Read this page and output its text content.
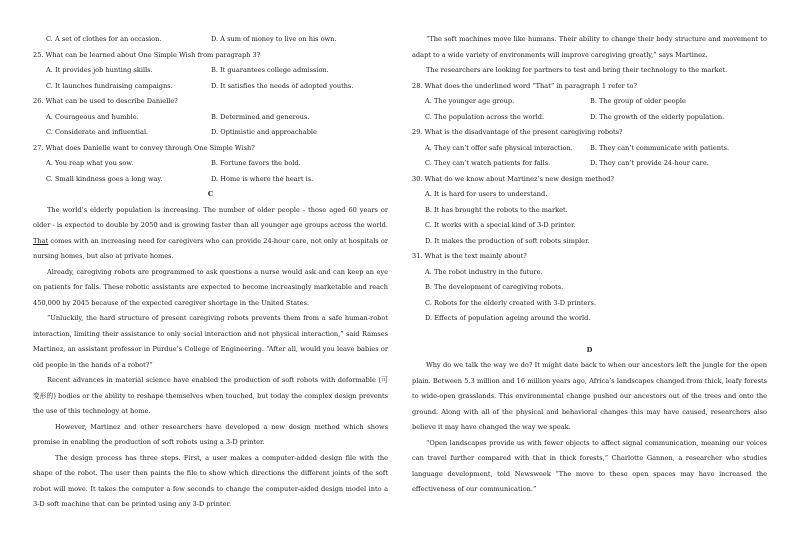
C. A set of clothes for an occasion.	D. A sum of money to live on his own.
25. What can be learned about One Simple Wish from paragraph 3?
A. It provides job hunting skills.	B. It guarantees college admission.
C. It launches fundraising campaigns.	D. It satisfies the needs of adopted youths.
26. What can be used to describe Danielle?
A. Courageous and humble.	B. Determined and generous.
C. Considerate and influential.	D. Optimistic and approachable
27. What does Danielle want to convey through One Simple Wish?
A. You reap what you sow.	B. Fortune favors the bold.
C. Small kindness goes a long way.	D. Home is where the heart is.
C

The world’s elderly population is increasing. The number of older people - those aged 60 years or older - is expected to double by 2050 and is growing faster than all younger age groups across the world. That comes with an increasing need for caregivers who can provide 24-hour care, not only at hospitals or nursing homes, but also at private homes.

Already, caregiving robots are programmed to ask questions a nurse would ask and can keep an eye on patients for falls. These robotic assistants are expected to become increasingly marketable and reach 450,000 by 2045 because of the expected caregiver shortage in the United States.

“Unluckily, the hard structure of present caregiving robots prevents them from a safe human-robot interaction, limiting their assistance to only social interaction and not physical interaction,” said Ramses Martinez, an assistant professor in Purdue’s College of Engineering. “After all, would you leave babies or old people in the hands of a robot?”

Recent advances in material science have enabled the production of soft robots with deformable (可变形的) bodies or the ability to reshape themselves when touched, but today the complex design prevents the use of this technology at home.

However, Martinez and other researchers have developed a new design method which shows promise in enabling the production of soft robots using a 3-D printer.

The design process has three steps. First, a user makes a computer-added design file with the shape of the robot. The user then paints the file to show which directions the different joints of the soft robot will move. It takes the computer a few seconds to change the computer-aided design model into a 3-D soft machine that can be printed using any 3-D printer.

“The soft machines move like humans. Their ability to change their body structure and movement to adapt to a wide variety of environments will improve caregiving greatly,” says Martinez.

The researchers are looking for partners to test and bring their technology to the market.

28. What does the underlined word “That” in paragraph 1 refer to?
A. The younger age group.	B. The group of older people
C. The population across the world.	D. The growth of the elderly population.
29. What is the disadvantage of the present caregiving robots?
A. They can’t offer safe physical interaction.	B. They can’t communicate with patients.
C. They can’t watch patients for falls.	D. They can’t provide 24-hour care.
30. What do we know about Martinez’s new design method?
A. It is hard for users to understand.
B. It has brought the robots to the market.
C. It works with a special kind of 3-D printer.
D. It makes the production of soft robots simpler.
31. What is the text mainly about?
A. The robot industry in the future.
B. The development of caregiving robots.
C. Robots for the elderly created with 3-D printers.
D. Effects of population ageing around the world.
D

Why do we talk the way we do? It might date back to when our ancestors left the jungle for the open plain. Between 5.3 million and 16 million years ago, Africa’s landscapes changed from thick, leafy forests to wide-open grasslands. This environmental change pushed our ancestors out of the trees and onto the ground. Along with all of the physical and behavioral changes this may have caused, researchers also believe it may have changed the way we speak.

“Open landscapes provide us with fewer objects to affect signal communication, meaning our voices can travel further compared with that in thick forests,” Charlotte Gannon, a researcher who studies language development, told Newsweek “The move to these open spaces may have increased the effectiveness of our communication.”
